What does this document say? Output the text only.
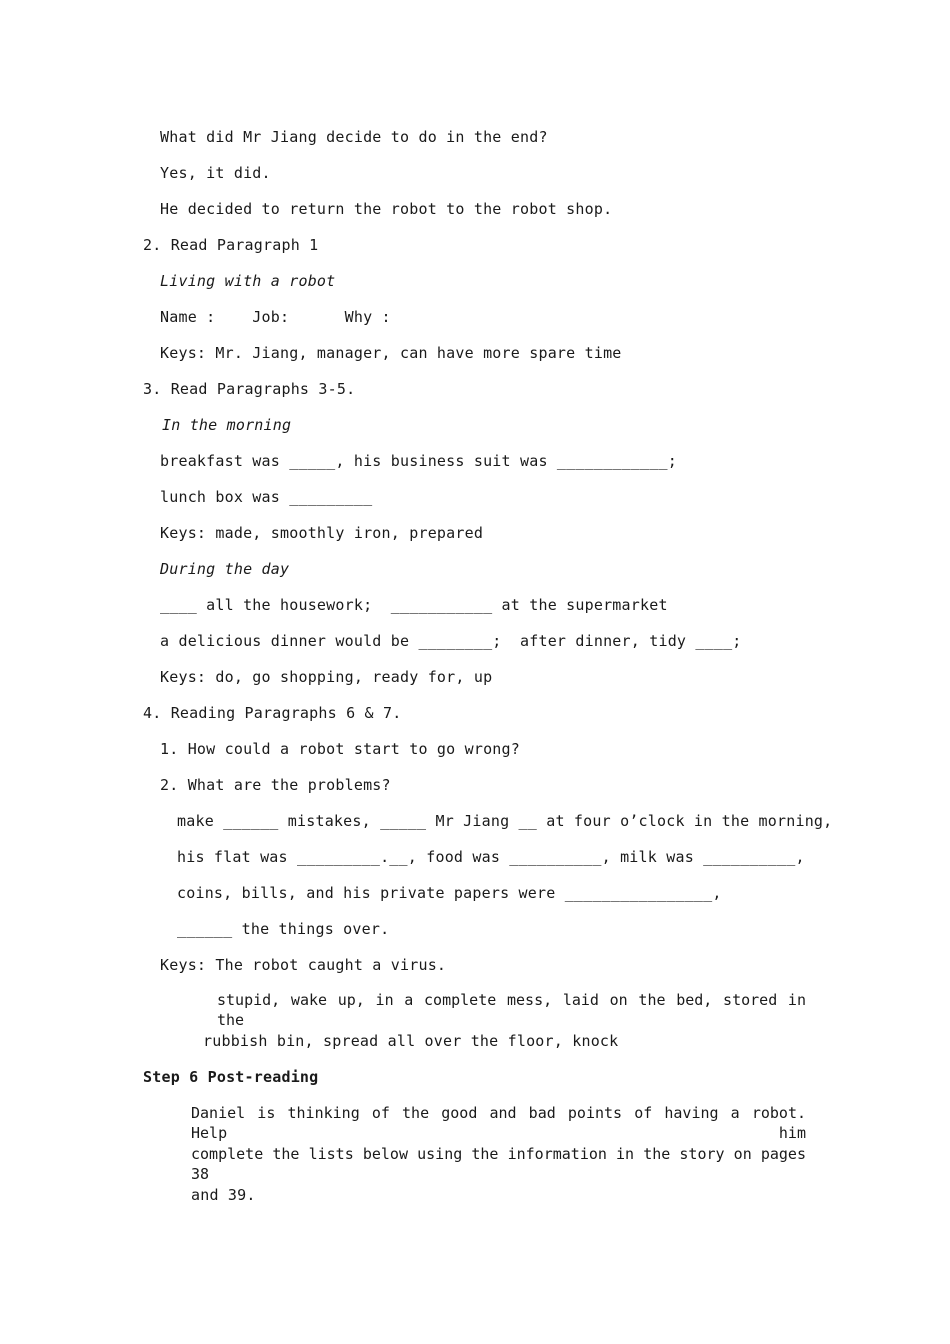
What did Mr Jiang decide to do in the end?
Yes, it did.
He decided to return the robot to the robot shop.
2. Read Paragraph 1
Living with a robot
Name :    Job:      Why :
Keys: Mr. Jiang, manager, can have more spare time
3. Read Paragraphs 3-5.
In the morning
breakfast was _____, his business suit was ____________;
lunch box was _________
Keys: made, smoothly iron, prepared
During the day
____ all the housework;  ___________ at the supermarket
a delicious dinner would be ________;  after dinner, tidy ____;
Keys: do, go shopping, ready for, up
4. Reading Paragraphs 6 & 7.
1. How could a robot start to go wrong?
2. What are the problems?
make ______ mistakes, _____ Mr Jiang __ at four o’clock in the morning,
his flat was _________.__, food was __________, milk was __________,
coins, bills, and his private papers were ________________,
______ the things over.
Keys: The robot caught a virus.
stupid, wake up, in a complete mess, laid on the bed, stored in the
rubbish bin, spread all over the floor, knock
Step 6 Post-reading
Daniel is thinking of the good and bad points of having a robot. Help him
complete the lists below using the information in the story on pages 38
and 39.
